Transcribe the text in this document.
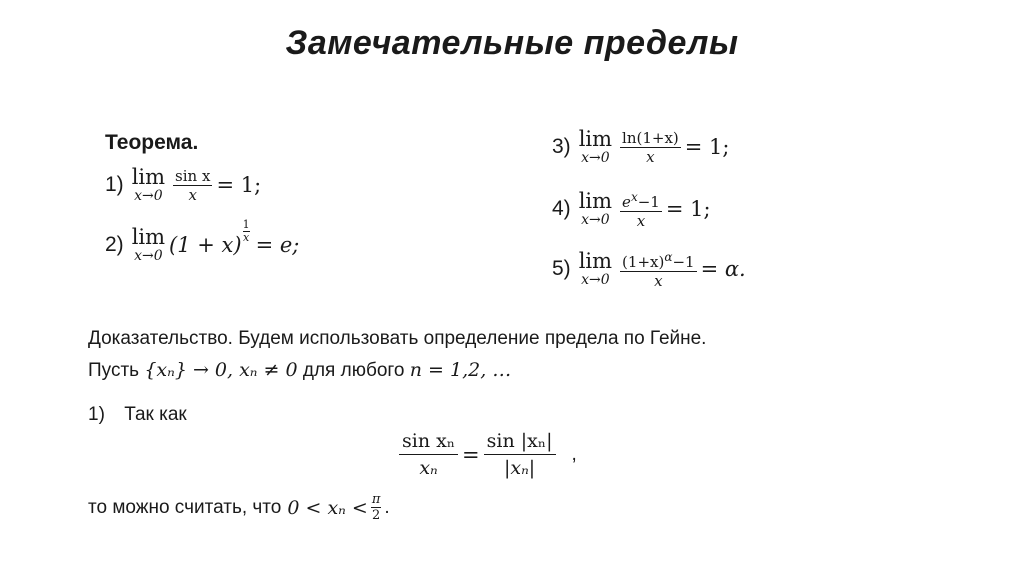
Замечательные пределы
Теорема.
1) lim
$x\to 0 \frac{\text{sin x}}{x} = 1$;
2) lim
x→0 (1 + x)
$\frac{1}{x}$
= e;
3) lim
$x\to 0 \frac{\ln(1+x)}{x} = 1$;
4) lim
$x\to 0 \frac{e^x-1}{x} = 1$;
5) lim
$x\to 0 \frac{(1+x)^\alpha-1}{x} = \alpha$.
Доказательство. Будем использовать определение предела по Гейне.
Пусть {xₙ} → 0, xₙ ≠ 0 для любого n = 1,2, …
1) Так как
$\frac{\text{sin xₙ}}{\text{xₙ}} = \frac{\text{sin |xₙ|}}{\text{|xₙ|}}$ ,
то можно считать, что 0 < xₙ < π
2 .
